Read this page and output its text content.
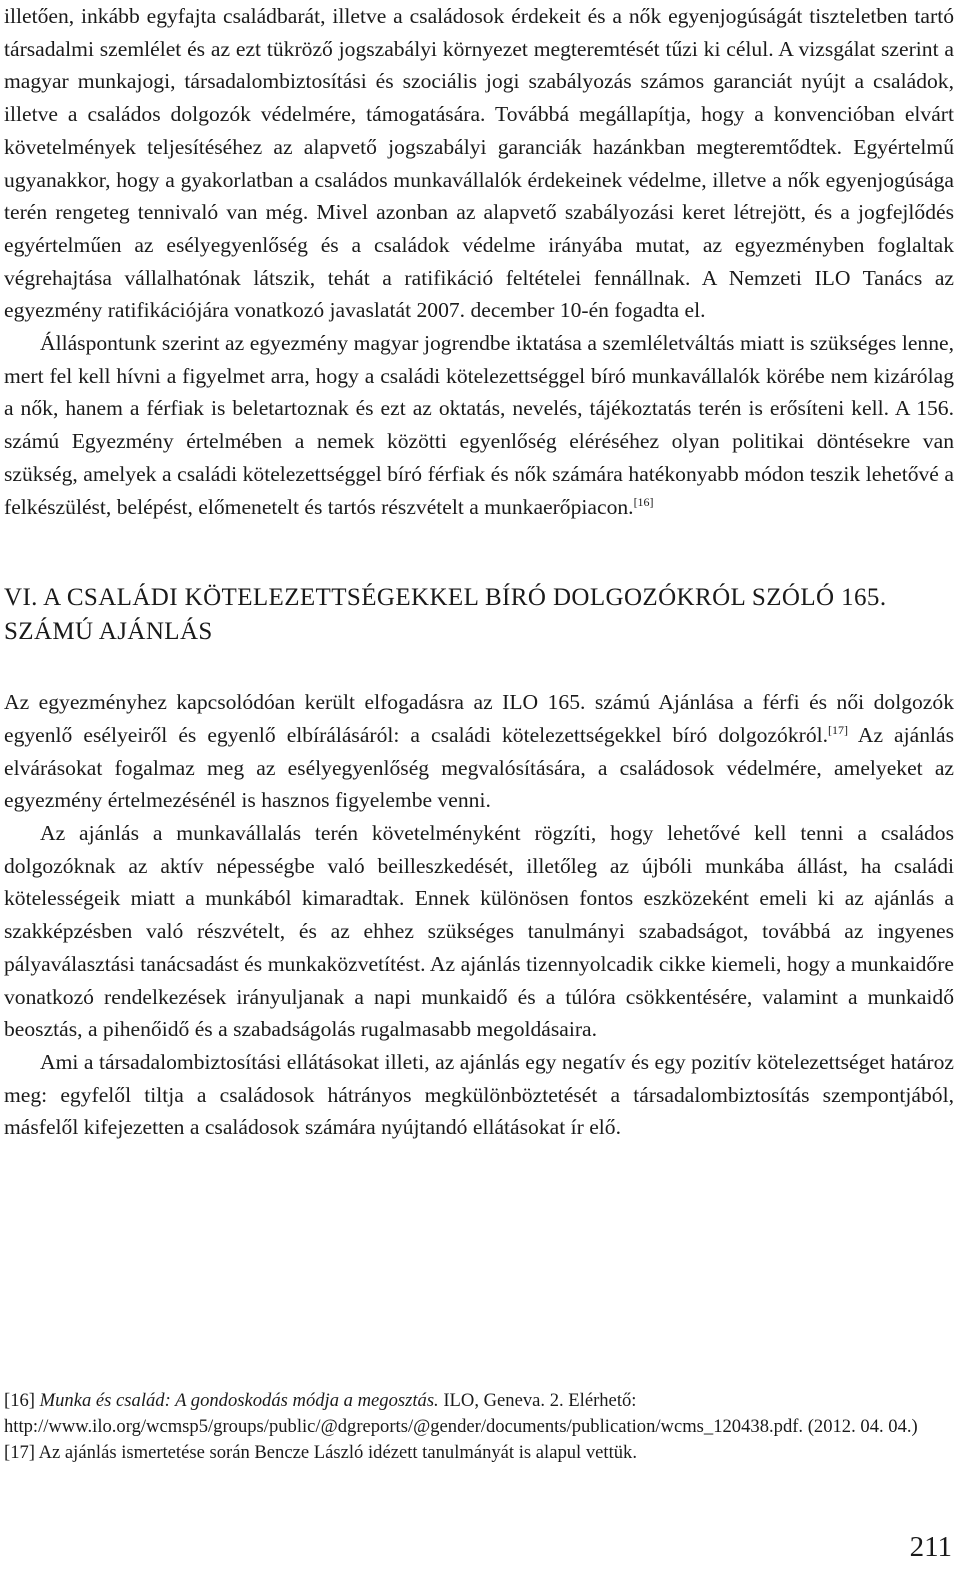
illetően, inkább egyfajta családbarát, illetve a családosok érdekeit és a nők egyenjogúságát tiszteletben tartó társadalmi szemlélet és az ezt tükröző jogszabályi környezet megteremtését tűzi ki célul. A vizsgálat szerint a magyar munkajogi, társadalombiztosítási és szociális jogi szabályozás számos garanciát nyújt a családok, illetve a családos dolgozók védelmére, támogatására. Továbbá megállapítja, hogy a konvencióban elvárt követelmények teljesítéséhez az alapvető jogszabályi garanciák hazánkban megteremtődtek. Egyértelmű ugyanakkor, hogy a gyakorlatban a családos munkavállalók érdekeinek védelme, illetve a nők egyenjogúsága terén rengeteg tennivaló van még. Mivel azonban az alapvető szabályozási keret létrejött, és a jogfejlődés egyértelműen az esélyegyenlőség és a családok védelme irányába mutat, az egyezményben foglaltak végrehajtása vállalhatónak látszik, tehát a ratifikáció feltételei fennállnak. A Nemzeti ILO Tanács az egyezmény ratifikációjára vonatkozó javaslatát 2007. december 10-én fogadta el.

Álláspontunk szerint az egyezmény magyar jogrendbe iktatása a szemléletváltás miatt is szükséges lenne, mert fel kell hívni a figyelmet arra, hogy a családi kötelezettséggel bíró munkavállalók körébe nem kizárólag a nők, hanem a férfiak is beletartoznak és ezt az oktatás, nevelés, tájékoztatás terén is erősíteni kell. A 156. számú Egyezmény értelmében a nemek közötti egyenlőség eléréséhez olyan politikai döntésekre van szükség, amelyek a családi kötelezettséggel bíró férfiak és nők számára hatékonyabb módon teszik lehetővé a felkészülést, belépést, előmenetelt és tartós részvételt a munkaerőpiacon.[16]

VI. A CSALÁDI KÖTELEZETTSÉGEKKEL BÍRÓ DOLGOZÓKRÓL SZÓLÓ 165.
SZÁMÚ AJÁNLÁS

Az egyezményhez kapcsolódóan került elfogadásra az ILO 165. számú Ajánlása a férfi és női dolgozók egyenlő esélyeiről és egyenlő elbírálásáról: a családi kötelezettségekkel bíró dolgozókról.[17] Az ajánlás elvárásokat fogalmaz meg az esélyegyenlőség megvalósítására, a családosok védelmére, amelyeket az egyezmény értelmezésénél is hasznos figyelembe venni.

Az ajánlás a munkavállalás terén követelményként rögzíti, hogy lehetővé kell tenni a családos dolgozóknak az aktív népességbe való beilleszkedését, illetőleg az újbóli munkába állást, ha családi kötelességeik miatt a munkából kimaradtak. Ennek különösen fontos eszközeként emeli ki az ajánlás a szakképzésben való részvételt, és az ehhez szükséges tanulmányi szabadságot, továbbá az ingyenes pályaválasztási tanácsadást és munkaközvetítést. Az ajánlás tizennyolcadik cikke kiemeli, hogy a munkaidőre vonatkozó rendelkezések irányuljanak a napi munkaidő és a túlóra csökkentésére, valamint a munkaidő beosztás, a pihenőidő és a szabadságolás rugalmasabb megoldásaira.

Ami a társadalombiztosítási ellátásokat illeti, az ajánlás egy negatív és egy pozitív kötelezettséget határoz meg: egyfelől tiltja a családosok hátrányos megkülönböztetését a társadalombiztosítás szempontjából, másfelől kifejezetten a családosok számára nyújtandó ellátásokat ír elő.

[16] Munka és család: A gondoskodás módja a megosztás. ILO, Geneva. 2. Elérhető: http://www.ilo.org/wcmsp5/groups/public/@dgreports/@gender/documents/publication/wcms_120438.pdf. (2012. 04. 04.)

[17] Az ajánlás ismertetése során Bencze László idézett tanulmányát is alapul vettük.

211
